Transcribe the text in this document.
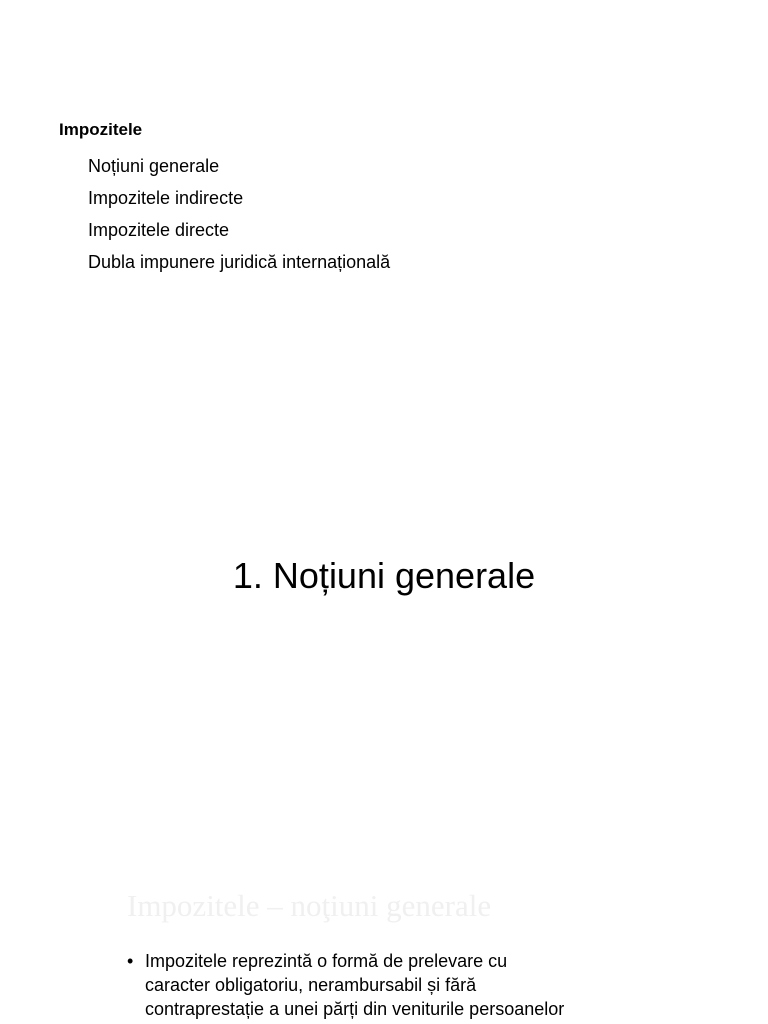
Impozitele
Noțiuni generale
Impozitele indirecte
Impozitele directe
Dubla impunere juridică internațională
1. Noțiuni generale
Impozitele – noţiuni generale
• Impozitele reprezintă o formă de prelevare cu
caracter obligatoriu, nerambursabil și fără
contraprestație a unei părți din veniturile persoanelor
